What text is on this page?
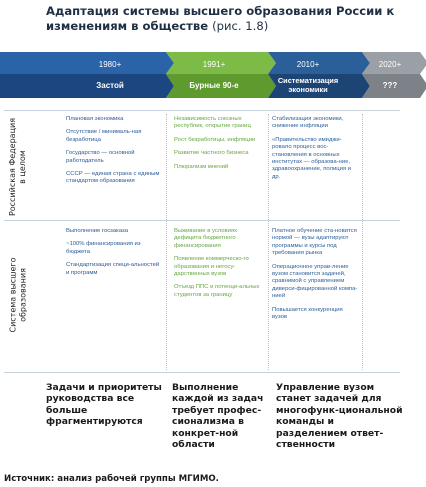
Адаптация системы высшего образования России к изменениям в обществе (рис. 1.8)
1980+
Застой
1991+
Бурные 90-е
2010+
Систематизация экономики
2020+
???
Российская Федерация в целом
Система высшего образования
Плановая экономика
Отсутствие / минималь-ная безработица
Государство — основной работодатель
СССР — единая страна с единым стандартом образования
Независимость союзных республик, открытие границ
Рост безработицы, инфляции
Развитие частного бизнеса
Плюрализм мнений
Стабилизация экономики, снижение инфляции
«Правительство имиджи-ровало процесс вос-становления в основных институтах — образова-ние, здравоохранение, полиция и др.
Выполнение госзаказа
~100% финансирования из бюджета
Стандартизация специ-альностей и программ
Выживание в условиях дефицита бюджетного финансирования
Появление коммерческо-го образования и негосу-дарственных вузов
Отъезд ППС и потенци-альных студентов за границу
Платное обучение ста-новится нормой — вузы адаптируют программы и курсы под требования рынка
Операционное управ-ление вузом становится задачей, сравнимой с управлением диверси-фицированной компа-нией
Повышается конкуренция вузов
Задачи и приоритеты руководства все больше фрагментируются
Выполнение каждой из задач требует профес-сионализма в конкрет-ной области
Управление вузом станет задачей для многофунк-циональной команды и разделением ответ-ственности
Источник: анализ рабочей группы МГИМО.
